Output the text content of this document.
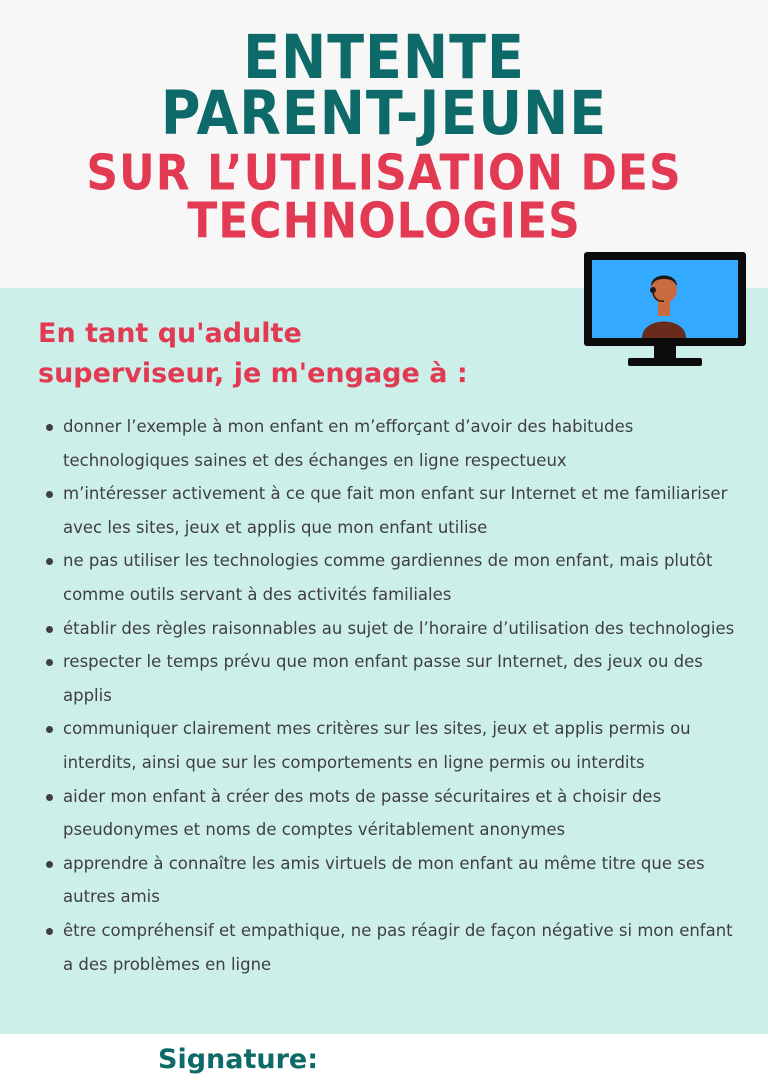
ENTENTE
PARENT-JEUNE
SUR L’UTILISATION DES
TECHNOLOGIES
En tant qu'adulte
superviseur, je m'engage à :
donner l’exemple à mon enfant en m’efforçant d’avoir des habitudes technologiques saines et des échanges en ligne respectueux
m’intéresser activement à ce que fait mon enfant sur Internet et me familiariser avec les sites, jeux et applis que mon enfant utilise
ne pas utiliser les technologies comme gardiennes de mon enfant, mais plutôt comme outils servant à des activités familiales
établir des règles raisonnables au sujet de l’horaire d’utilisation des technologies
respecter le temps prévu que mon enfant passe sur Internet, des jeux ou des applis
communiquer clairement mes critères sur les sites, jeux et applis permis ou interdits, ainsi que sur les comportements en ligne permis ou interdits
aider mon enfant à créer des mots de passe sécuritaires et à choisir des pseudonymes et noms de comptes véritablement anonymes
apprendre à connaître les amis virtuels de mon enfant au même titre que ses autres amis
être compréhensif et empathique, ne pas réagir de façon négative si mon enfant a des problèmes en ligne
Signature:
